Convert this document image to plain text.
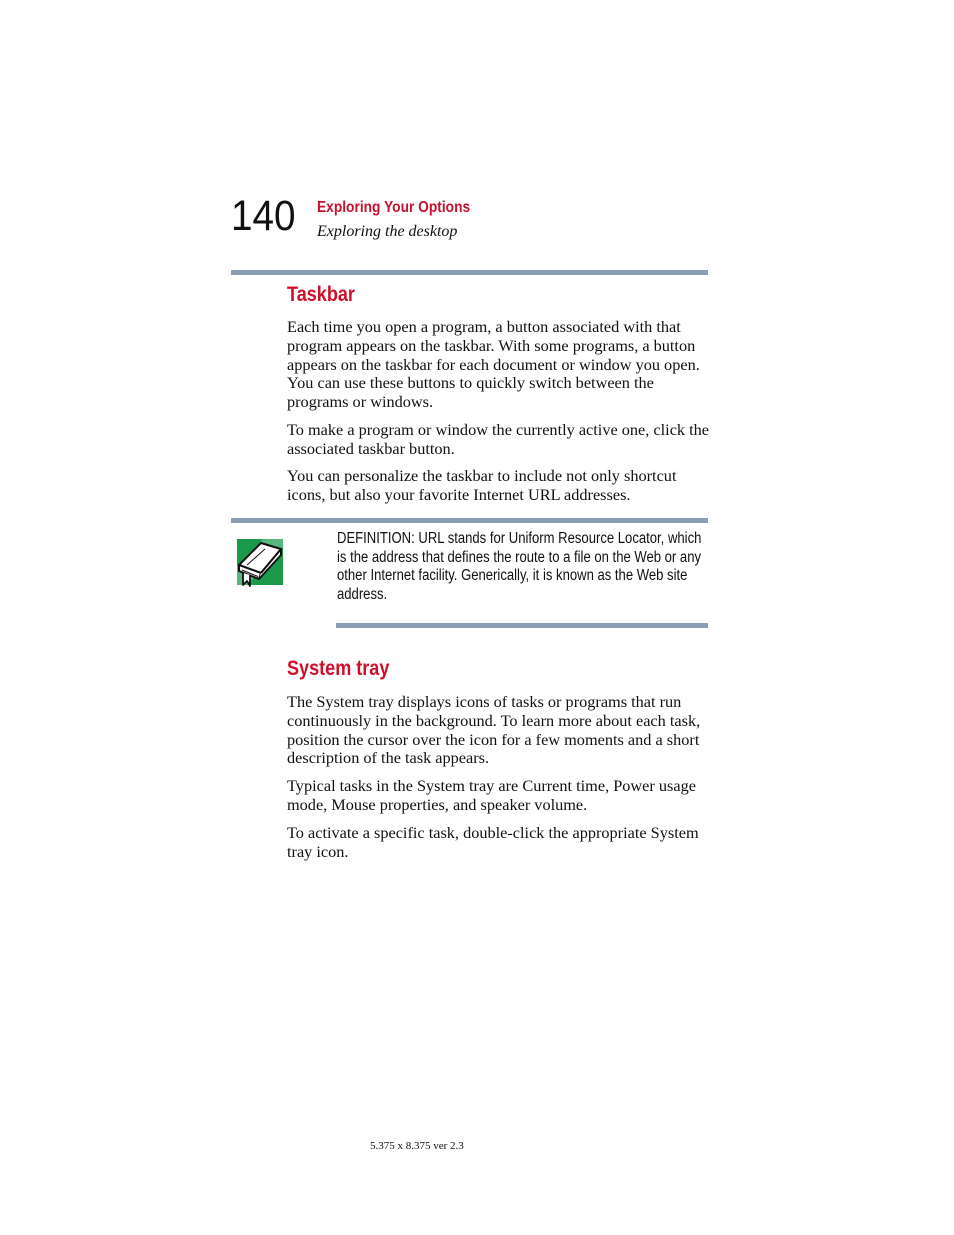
140 Exploring Your Options
Exploring the desktop
Taskbar

Each time you open a program, a button associated with that program appears on the taskbar. With some programs, a button appears on the taskbar for each document or window you open. You can use these buttons to quickly switch between the programs or windows.

To make a program or window the currently active one, click the associated taskbar button.

You can personalize the taskbar to include not only shortcut icons, but also your favorite Internet URL addresses.

DEFINITION: URL stands for Uniform Resource Locator, which is the address that defines the route to a file on the Web or any other Internet facility. Generically, it is known as the Web site address.

System tray

The System tray displays icons of tasks or programs that run continuously in the background. To learn more about each task, position the cursor over the icon for a few moments and a short description of the task appears.

Typical tasks in the System tray are Current time, Power usage mode, Mouse properties, and speaker volume.

To activate a specific task, double-click the appropriate System tray icon.

5.375 x 8.375 ver 2.3
